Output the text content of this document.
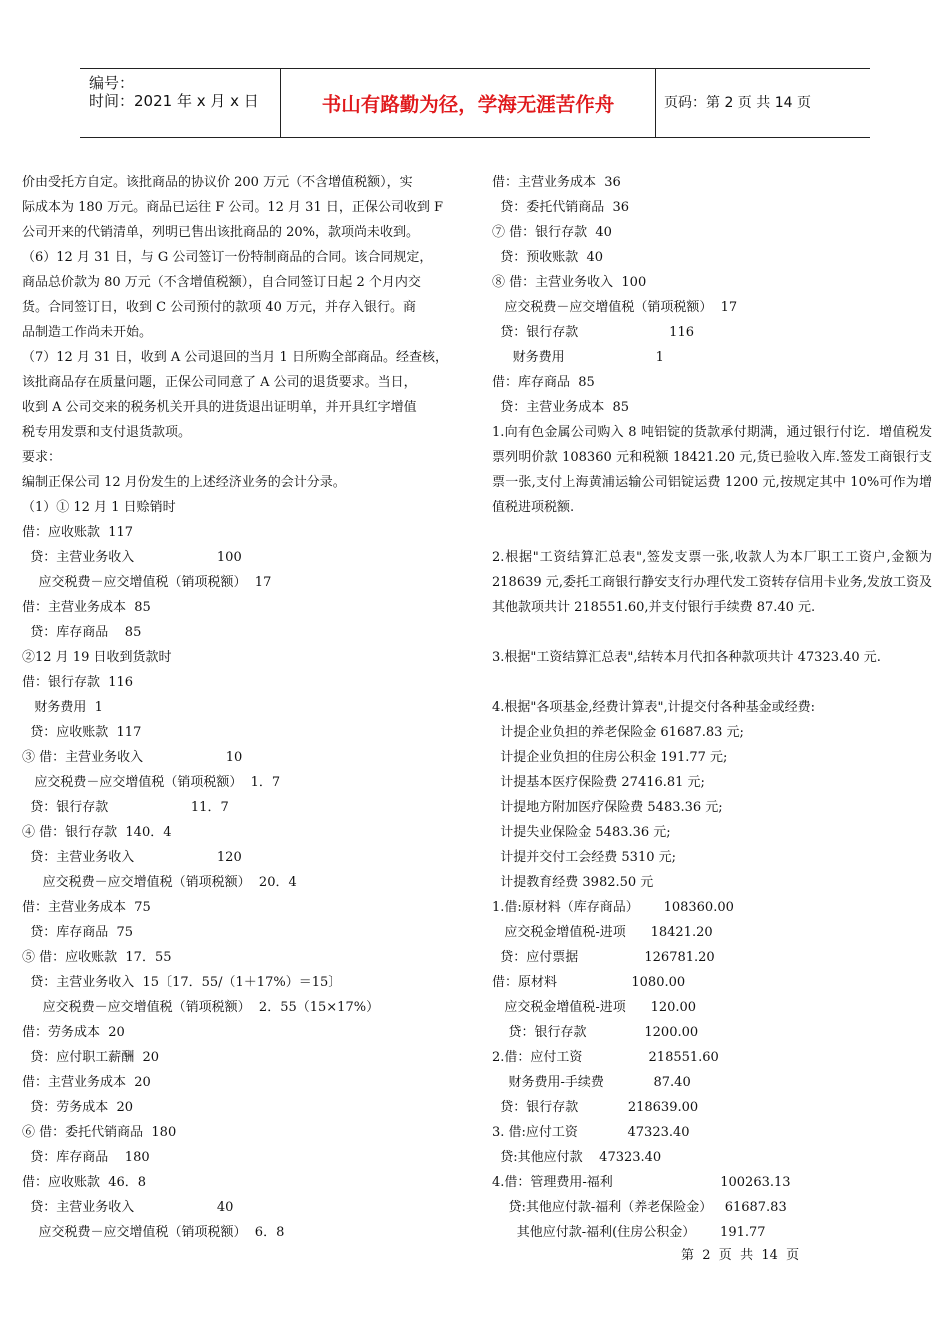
编号：
时间：2021 年 x 月 x 日	书山有路勤为径，学海无涯苦作舟	页码：第 2 页 共 14 页
价由受托方自定。该批商品的协议价 200 万元（不含增值税额），实
际成本为 180 万元。商品已运往 F 公司。12 月 31 日，正保公司收到 F
公司开来的代销清单，列明已售出该批商品的 20%，款项尚未收到。
（6）12 月 31 日，与 G 公司签订一份特制商品的合同。该合同规定，
商品总价款为 80 万元（不含增值税额），自合同签订日起 2 个月内交
货。合同签订日，收到 C 公司预付的款项 40 万元，并存入银行。商
品制造工作尚未开始。
（7）12 月 31 日，收到 A 公司退回的当月 1 日所购全部商品。经查核，
该批商品存在质量问题，正保公司同意了 A 公司的退货要求。当日，
收到 A 公司交来的税务机关开具的进货退出证明单，并开具红字增值
税专用发票和支付退货款项。
要求：
编制正保公司 12 月份发生的上述经济业务的会计分录。
（1）① 12 月 1 日赊销时
借：应收账款  117
贷：主营业务收入                    100
应交税费－应交增值税（销项税额）  17
借：主营业务成本  85
贷：库存商品    85
②12 月 19 日收到货款时
借：银行存款  116
财务费用  1
贷：应收账款  117
③ 借：主营业务收入                    10
应交税费－应交增值税（销项税额）  1．7
贷：银行存款                    11．7
④ 借：银行存款  140．4
贷：主营业务收入                    120
应交税费－应交增值税（销项税额）  20．4
借：主营业务成本  75
贷：库存商品  75
⑤ 借：应收账款  17．55
贷：主营业务收入  15〔17．55/（1＋17%）＝15〕
应交税费－应交增值税（销项税额）  2．55（15×17%）
借：劳务成本  20
贷：应付职工薪酬  20
借：主营业务成本  20
贷：劳务成本  20
⑥ 借：委托代销商品  180
贷：库存商品    180
借：应收账款  46．8
贷：主营业务收入                    40
应交税费－应交增值税（销项税额）  6．8
借：主营业务成本  36
贷：委托代销商品  36
⑦ 借：银行存款  40
贷：预收账款  40
⑧ 借：主营业务收入  100
应交税费－应交增值税（销项税额）  17
贷：银行存款                      116
财务费用                      1
借：库存商品  85
贷：主营业务成本  85
1.向有色金属公司购入 8 吨铝锭的货款承付期满，通过银行付讫．增值税发票列明价款 108360 元和税额 18421.20 元,货已验收入库.签发工商银行支票一张,支付上海黄浦运输公司铝锭运费 1200 元,按规定其中 10%可作为增值税进项税额.
2.根据"工资结算汇总表",签发支票一张,收款人为本厂职工工资户,金额为 218639 元,委托工商银行静安支行办理代发工资转存信用卡业务,发放工资及其他款项共计 218551.60,并支付银行手续费 87.40 元.
3.根据"工资结算汇总表",结转本月代扣各种款项共计 47323.40 元.
4.根据"各项基金,经费计算表",计提交付各种基金或经费:
计提企业负担的养老保险金 61687.83 元;
计提企业负担的住房公积金 191.77 元;
计提基本医疗保险费 27416.81 元;
计提地方附加医疗保险费 5483.36 元;
计提失业保险金 5483.36 元;
计提并交付工会经费 5310 元;
计提教育经费 3982.50 元
1.借:原材料（库存商品）      108360.00
应交税金增值税-进项      18421.20
贷：应付票据                126781.20
借：原材料                  1080.00
应交税金增值税-进项      120.00
贷：银行存款              1200.00
2.借：应付工资                218551.60
财务费用-手续费            87.40
贷：银行存款            218639.00
3. 借:应付工资            47323.40
贷:其他应付款    47323.40
4.借：管理费用-福利                          100263.13
贷:其他应付款-福利（养老保险金）   61687.83
其他应付款-福利(住房公积金）      191.77
第  2  页  共  14  页
